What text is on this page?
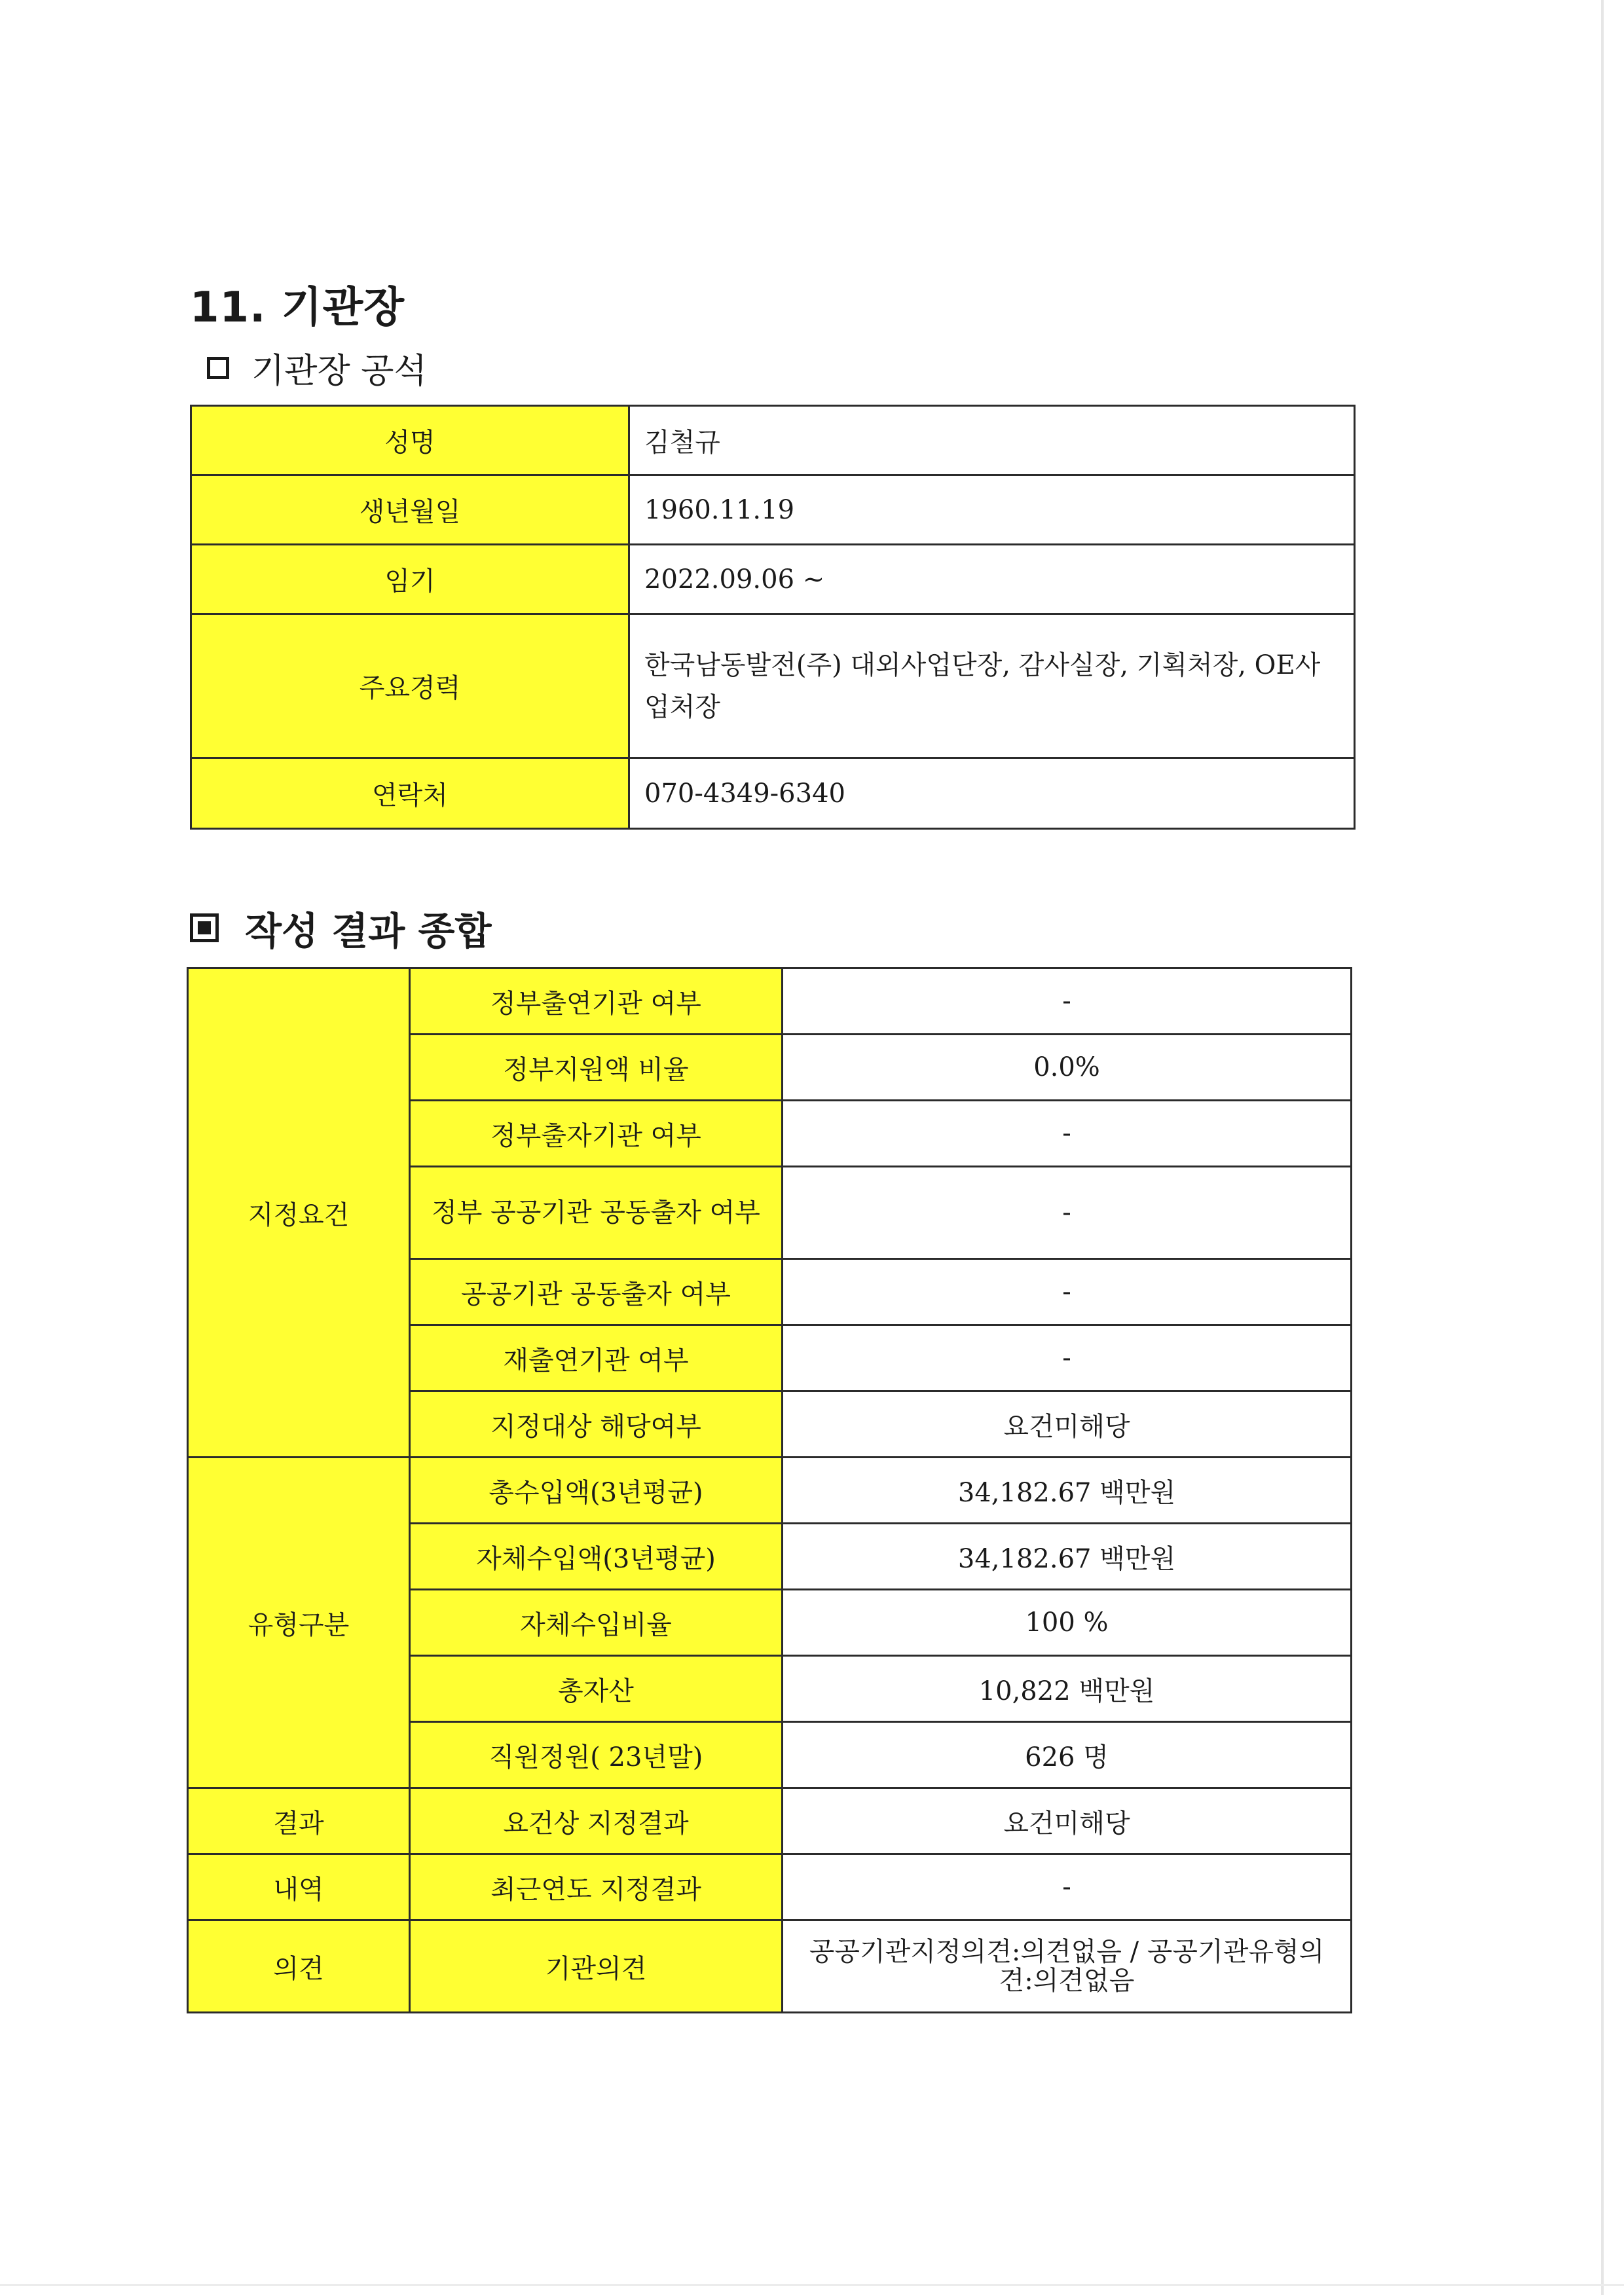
11. 기관장
기관장 공석
성명	김철규
생년월일	1960.11.19
임기	2022.09.06 ~
주요경력	한국남동발전(주) 대외사업단장, 감사실장, 기획처장, OE사업처장
연락처	070-4349-6340
작성 결과 종합
지정요건	정부출연기관 여부	-
	정부지원액 비율	0.0%
	정부출자기관 여부	-
	정부 공공기관 공동출자 여부	-
	공공기관 공동출자 여부	-
	재출연기관 여부	-
	지정대상 해당여부	요건미해당
유형구분	총수입액(3년평균)	34,182.67 백만원
	자체수입액(3년평균)	34,182.67 백만원
	자체수입비율	100 %
	총자산	10,822 백만원
	직원정원( 23년말)	626 명
결과	요건상 지정결과	요건미해당
내역	최근연도 지정결과	-
의견	기관의견	공공기관지정의견:의견없음 / 공공기관유형의견:의견없음
